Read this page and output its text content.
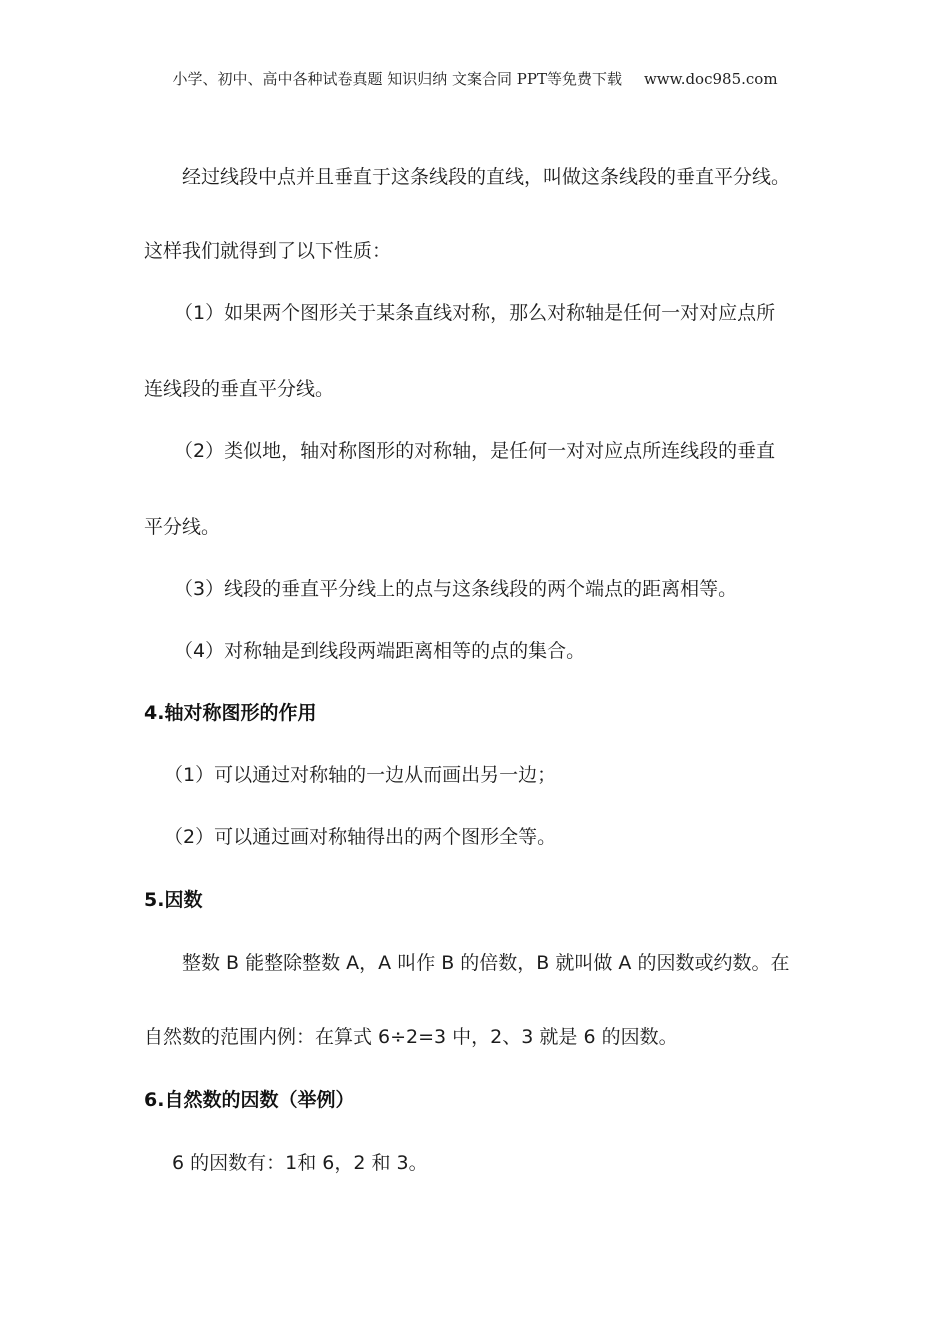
小学、初中、高中各种试卷真题 知识归纳 文案合同 PPT等免费下载 www.doc985.com
经过线段中点并且垂直于这条线段的直线，叫做这条线段的垂直平分线。
这样我们就得到了以下性质：
（1）如果两个图形关于某条直线对称，那么对称轴是任何一对对应点所
连线段的垂直平分线。
（2）类似地，轴对称图形的对称轴，是任何一对对应点所连线段的垂直
平分线。
（3）线段的垂直平分线上的点与这条线段的两个端点的距离相等。
（4）对称轴是到线段两端距离相等的点的集合。
4.轴对称图形的作用
（1）可以通过对称轴的一边从而画出另一边；
（2）可以通过画对称轴得出的两个图形全等。
5.因数
整数 B 能整除整数 A，A 叫作 B 的倍数，B 就叫做 A 的因数或约数。在
自然数的范围内例：在算式 6÷2=3 中，2、3 就是 6 的因数。
6.自然数的因数（举例）
6 的因数有：1和 6，2 和 3。
